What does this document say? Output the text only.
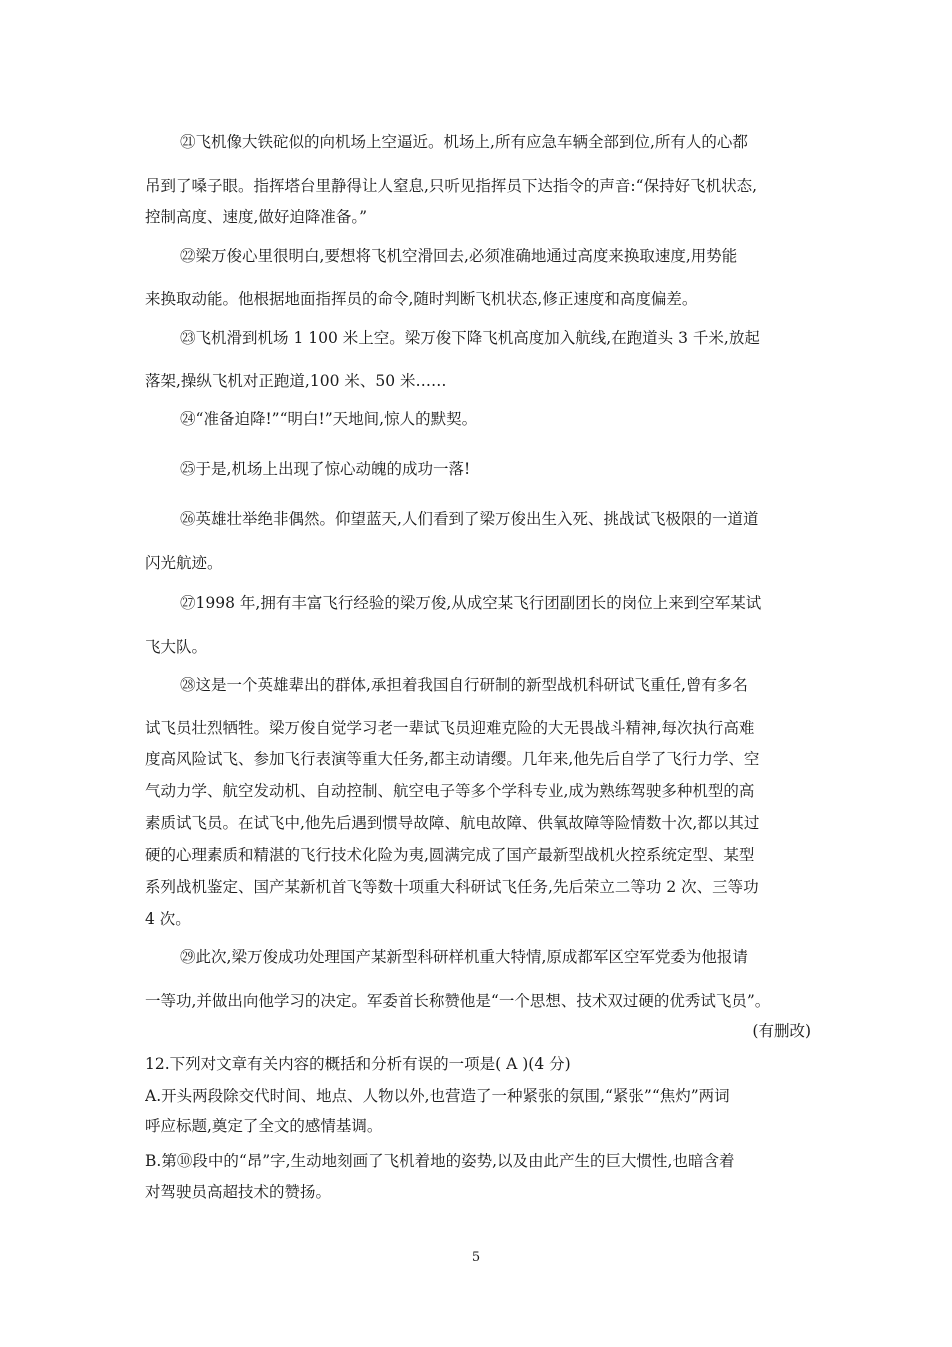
㉑飞机像大铁砣似的向机场上空逼近。机场上,所有应急车辆全部到位,所有人的心都
吊到了嗓子眼。指挥塔台里静得让人窒息,只听见指挥员下达指令的声音:“保持好飞机状态,
控制高度、速度,做好迫降准备。”
㉒梁万俊心里很明白,要想将飞机空滑回去,必须准确地通过高度来换取速度,用势能
来换取动能。他根据地面指挥员的命令,随时判断飞机状态,修正速度和高度偏差。
㉓飞机滑到机场 1 100 米上空。梁万俊下降飞机高度加入航线,在跑道头 3 千米,放起
落架,操纵飞机对正跑道,100 米、50 米……
㉔“准备迫降!”“明白!”天地间,惊人的默契。
㉕于是,机场上出现了惊心动魄的成功一落!
㉖英雄壮举绝非偶然。仰望蓝天,人们看到了梁万俊出生入死、挑战试飞极限的一道道
闪光航迹。
㉗1998 年,拥有丰富飞行经验的梁万俊,从成空某飞行团副团长的岗位上来到空军某试
飞大队。
㉘这是一个英雄辈出的群体,承担着我国自行研制的新型战机科研试飞重任,曾有多名
试飞员壮烈牺牲。梁万俊自觉学习老一辈试飞员迎难克险的大无畏战斗精神,每次执行高难
度高风险试飞、参加飞行表演等重大任务,都主动请缨。几年来,他先后自学了飞行力学、空
气动力学、航空发动机、自动控制、航空电子等多个学科专业,成为熟练驾驶多种机型的高
素质试飞员。在试飞中,他先后遇到惯导故障、航电故障、供氧故障等险情数十次,都以其过
硬的心理素质和精湛的飞行技术化险为夷,圆满完成了国产最新型战机火控系统定型、某型
系列战机鉴定、国产某新机首飞等数十项重大科研试飞任务,先后荣立二等功 2 次、三等功
4 次。
㉙此次,梁万俊成功处理国产某新型科研样机重大特情,原成都军区空军党委为他报请
一等功,并做出向他学习的决定。军委首长称赞他是“一个思想、技术双过硬的优秀试飞员”。
(有删改)
12.下列对文章有关内容的概括和分析有误的一项是( A )(4 分)
A.开头两段除交代时间、地点、人物以外,也营造了一种紧张的氛围,“紧张”“焦灼”两词
呼应标题,奠定了全文的感情基调。
B.第⑩段中的“昂”字,生动地刻画了飞机着地的姿势,以及由此产生的巨大惯性,也暗含着
对驾驶员高超技术的赞扬。
5
